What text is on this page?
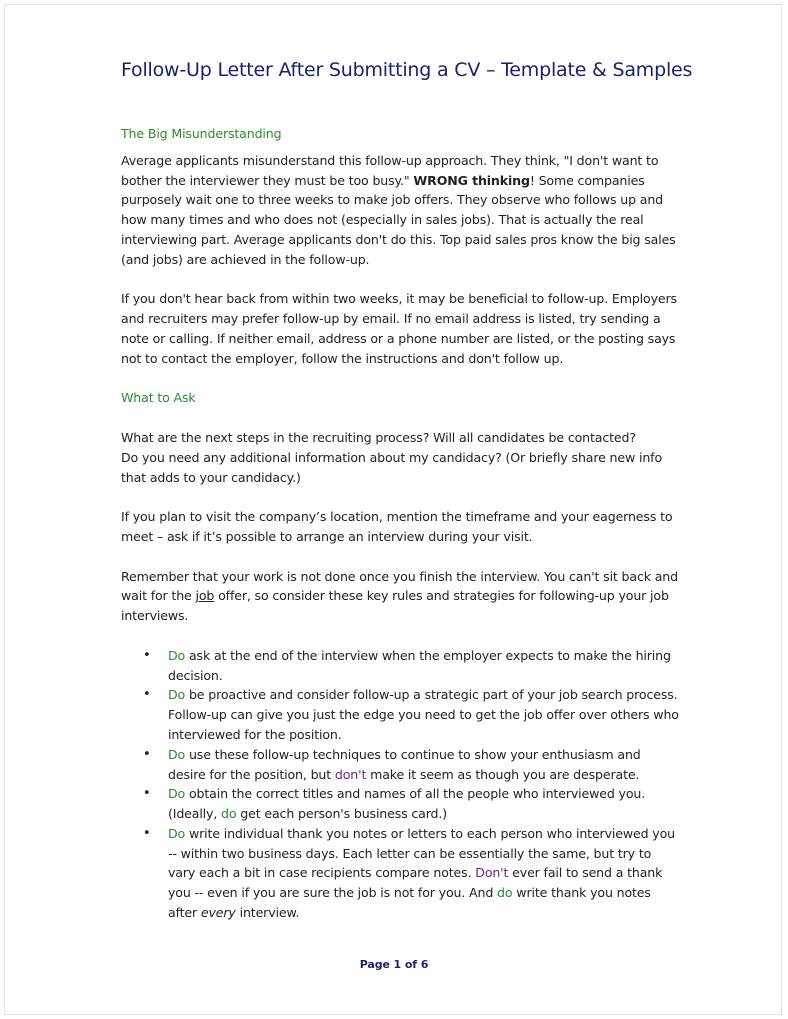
Follow-Up Letter After Submitting a CV – Template & Samples
The Big Misunderstanding

Average applicants misunderstand this follow-up approach. They think, "I don't want to bother the interviewer they must be too busy." WRONG thinking! Some companies purposely wait one to three weeks to make job offers. They observe who follows up and how many times and who does not (especially in sales jobs). That is actually the real interviewing part. Average applicants don't do this. Top paid sales pros know the big sales (and jobs) are achieved in the follow-up.

If you don't hear back from within two weeks, it may be beneficial to follow-up. Employers and recruiters may prefer follow-up by email. If no email address is listed, try sending a note or calling. If neither email, address or a phone number are listed, or the posting says not to contact the employer, follow the instructions and don't follow up.

What to Ask

What are the next steps in the recruiting process? Will all candidates be contacted?
Do you need any additional information about my candidacy? (Or briefly share new info that adds to your candidacy.)

If you plan to visit the company’s location, mention the timeframe and your eagerness to meet – ask if it’s possible to arrange an interview during your visit.

Remember that your work is not done once you finish the interview. You can't sit back and wait for the job offer, so consider these key rules and strategies for following-up your job interviews.

• Do ask at the end of the interview when the employer expects to make the hiring decision.
• Do be proactive and consider follow-up a strategic part of your job search process. Follow-up can give you just the edge you need to get the job offer over others who interviewed for the position.
• Do use these follow-up techniques to continue to show your enthusiasm and desire for the position, but don't make it seem as though you are desperate.
• Do obtain the correct titles and names of all the people who interviewed you. (Ideally, do get each person's business card.)
• Do write individual thank you notes or letters to each person who interviewed you -- within two business days. Each letter can be essentially the same, but try to vary each a bit in case recipients compare notes. Don't ever fail to send a thank you -- even if you are sure the job is not for you. And do write thank you notes after every interview.
Page 1 of 6
